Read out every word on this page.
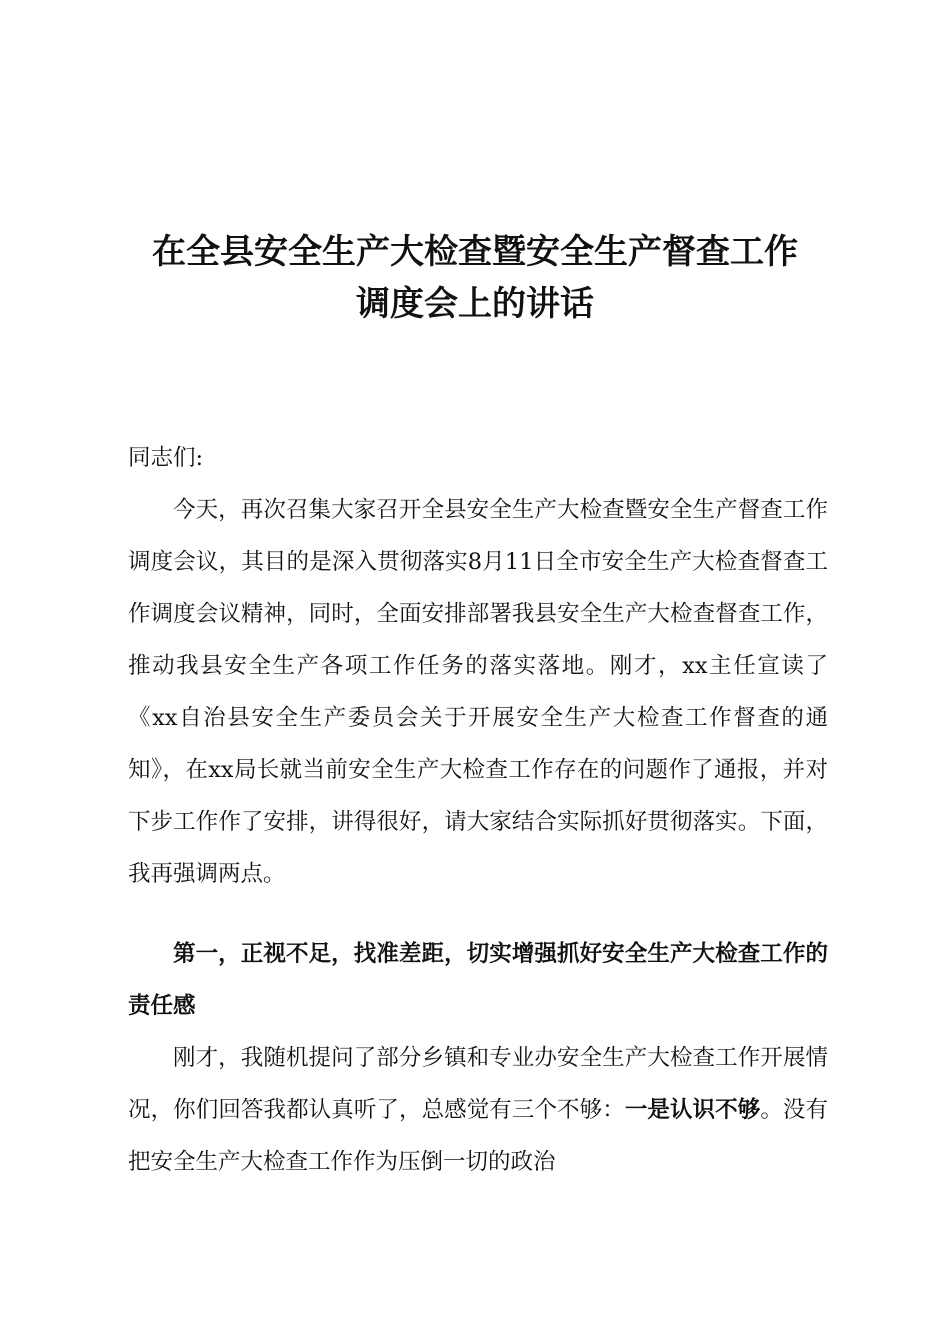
在全县安全生产大检查暨安全生产督查工作
调度会上的讲话
同志们:
今天，再次召集大家召开全县安全生产大检查暨安全生产督查工作调度会议，其目的是深入贯彻落实8月11日全市安全生产大检查督查工作调度会议精神，同时，全面安排部署我县安全生产大检查督查工作，推动我县安全生产各项工作任务的落实落地。刚才，xx主任宣读了《xx自治县安全生产委员会关于开展安全生产大检查工作督查的通知》，在xx局长就当前安全生产大检查工作存在的问题作了通报，并对下步工作作了安排，讲得很好，请大家结合实际抓好贯彻落实。下面，我再强调两点。
第一，正视不足，找准差距，切实增强抓好安全生产大检查工作的责任感
刚才，我随机提问了部分乡镇和专业办安全生产大检查工作开展情况，你们回答我都认真听了，总感觉有三个不够：一是认识不够。没有把安全生产大检查工作作为压倒一切的政治
